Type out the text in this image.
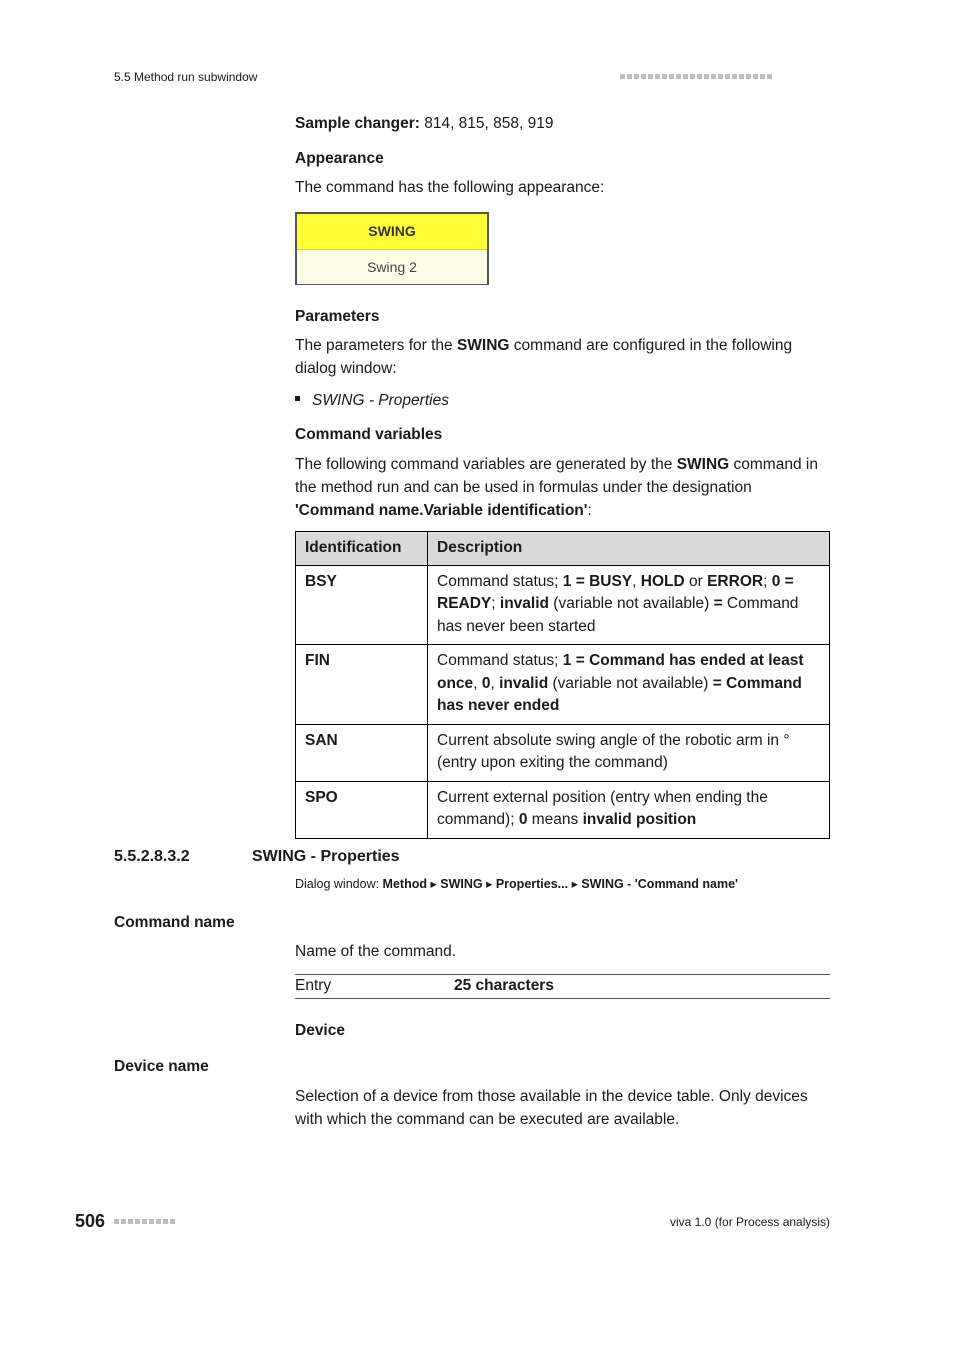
5.5 Method run subwindow
Sample changer: 814, 815, 858, 919
Appearance
The command has the following appearance:
SWING
Swing 2
Parameters
The parameters for the SWING command are configured in the following dialog window:
SWING - Properties
Command variables
The following command variables are generated by the SWING command in the method run and can be used in formulas under the designation 'Command name.Variable identification':
Identification	Description
BSY	Command status; 1 = BUSY, HOLD or ERROR; 0 = READY; invalid (variable not available) = Command has never been started
FIN	Command status; 1 = Command has ended at least once, 0, invalid (variable not available) = Command has never ended
SAN	Current absolute swing angle of the robotic arm in ° (entry upon exiting the command)
SPO	Current external position (entry when ending the command); 0 means invalid position
5.5.2.8.3.2	SWING - Properties
Dialog window: Method ▸ SWING ▸ Properties... ▸ SWING - 'Command name'
Command name
Name of the command.
Entry	25 characters
Device
Device name
Selection of a device from those available in the device table. Only devices with which the command can be executed are available.
506	viva 1.0 (for Process analysis)
